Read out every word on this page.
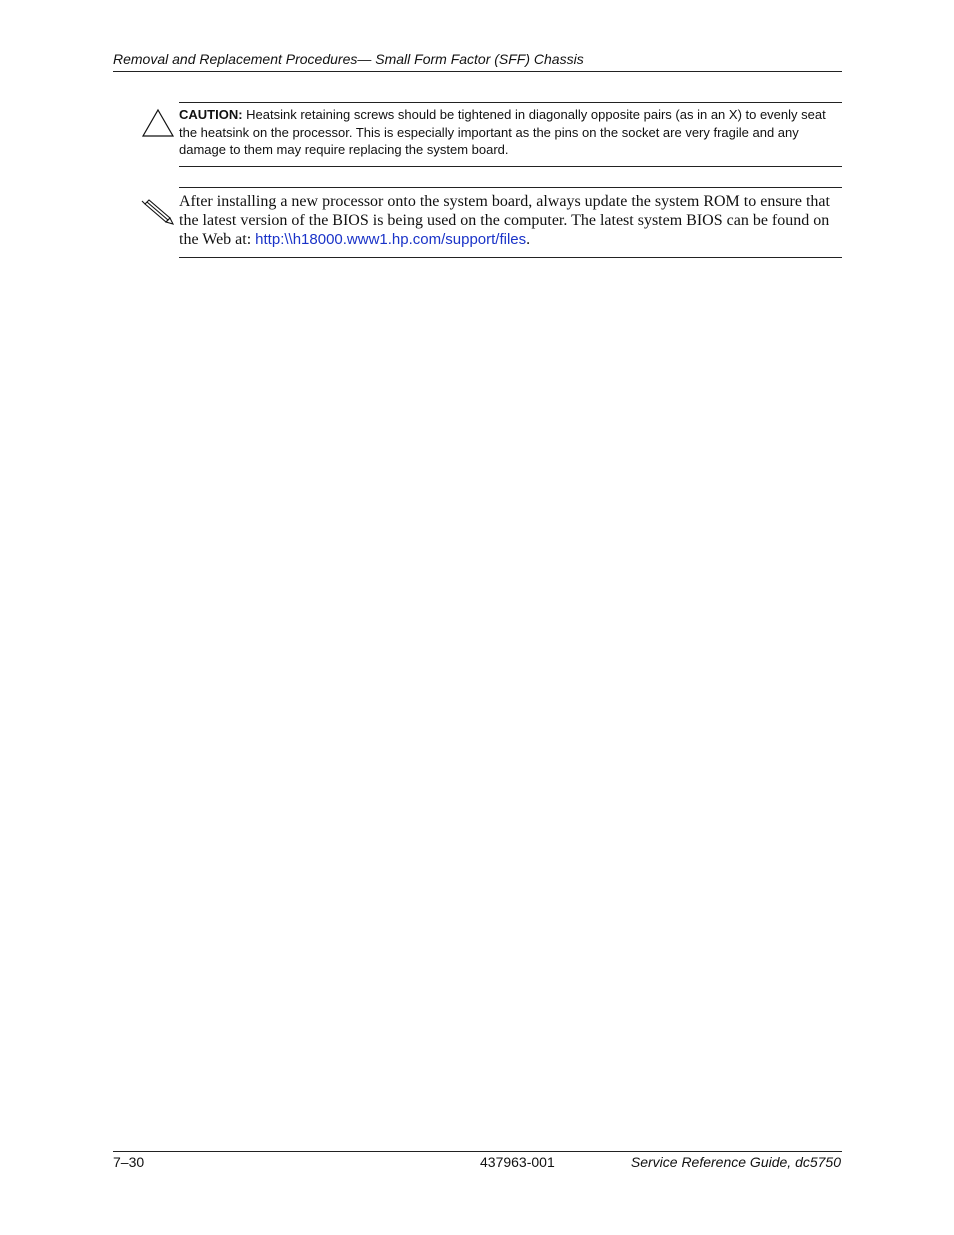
Removal and Replacement Procedures— Small Form Factor (SFF) Chassis
CAUTION: Heatsink retaining screws should be tightened in diagonally opposite pairs (as in an X) to evenly seat the heatsink on the processor. This is especially important as the pins on the socket are very fragile and any damage to them may require replacing the system board.
After installing a new processor onto the system board, always update the system ROM to ensure that the latest version of the BIOS is being used on the computer. The latest system BIOS can be found on the Web at: http:\\h18000.www1.hp.com/support/files.
7–30	437963-001	Service Reference Guide, dc5750
